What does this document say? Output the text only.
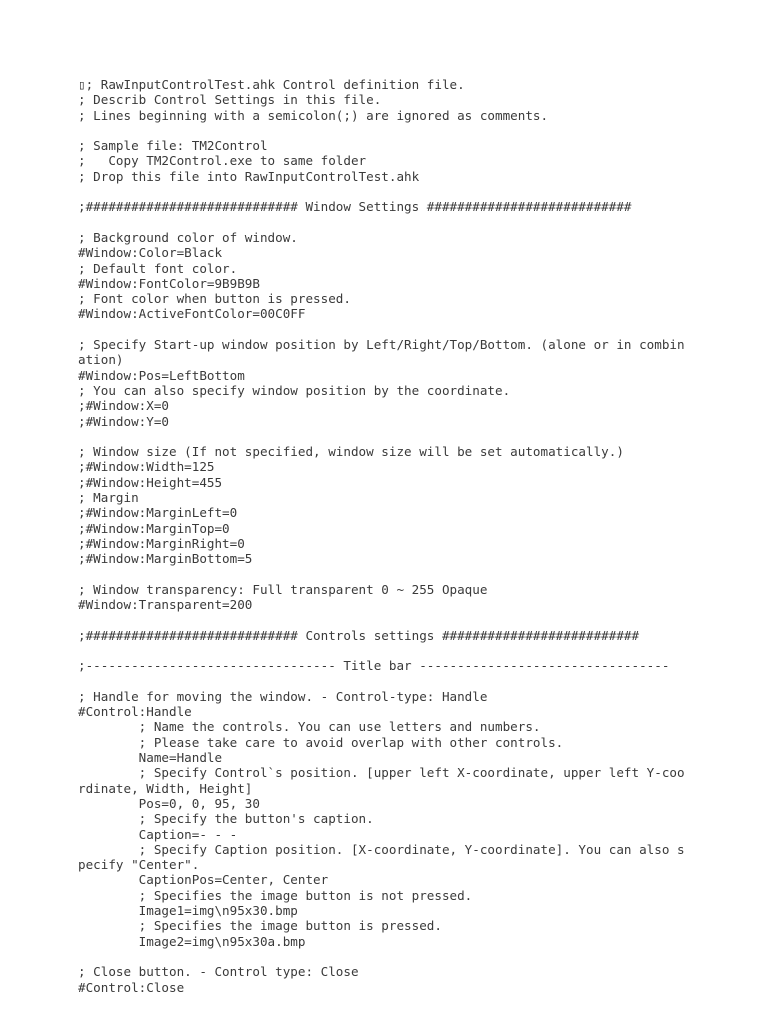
▯; RawInputControlTest.ahk Control definition file.
; Describ Control Settings in this file.
; Lines beginning with a semicolon(;) are ignored as comments.
; Sample file: TM2Control
;   Copy TM2Control.exe to same folder
; Drop this file into RawInputControlTest.ahk
;############################ Window Settings ###########################
; Background color of window.
#Window:Color=Black
; Default font color.
#Window:FontColor=9B9B9B
; Font color when button is pressed.
#Window:ActiveFontColor=00C0FF
; Specify Start-up window position by Left/Right/Top/Bottom. (alone or in combin
ation)
#Window:Pos=LeftBottom
; You can also specify window position by the coordinate.
;#Window:X=0
;#Window:Y=0
; Window size (If not specified, window size will be set automatically.)
;#Window:Width=125
;#Window:Height=455
; Margin
;#Window:MarginLeft=0
;#Window:MarginTop=0
;#Window:MarginRight=0
;#Window:MarginBottom=5
; Window transparency: Full transparent 0 ~ 255 Opaque
#Window:Transparent=200
;############################ Controls settings ##########################
;--------------------------------- Title bar ---------------------------------
; Handle for moving the window. - Control-type: Handle
#Control:Handle
; Name the controls. You can use letters and numbers.
; Please take care to avoid overlap with other controls.
Name=Handle
; Specify Control`s position. [upper left X-coordinate, upper left Y-coo
rdinate, Width, Height]
Pos=0, 0, 95, 30
; Specify the button's caption.
Caption=- - -
; Specify Caption position. [X-coordinate, Y-coordinate]. You can also s
pecify "Center".
CaptionPos=Center, Center
; Specifies the image button is not pressed.
Image1=img\n95x30.bmp
; Specifies the image button is pressed.
Image2=img\n95x30a.bmp
; Close button. - Control type: Close
#Control:Close
